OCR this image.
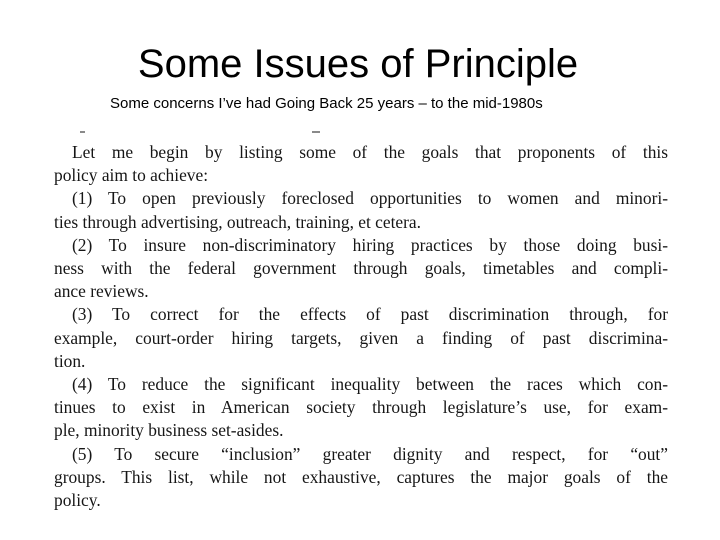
Some Issues of Principle
Some concerns I’ve had Going Back 25 years – to the mid-1980s
Let me begin by listing some of the goals that proponents of this
policy aim to achieve:
(1) To open previously foreclosed opportunities to women and minori-
ties through advertising, outreach, training, et cetera.
(2) To insure non-discriminatory hiring practices by those doing busi-
ness with the federal government through goals, timetables and compli-
ance reviews.
(3) To correct for the effects of past discrimination through, for
example, court-order hiring targets, given a finding of past discrimina-
tion.
(4) To reduce the significant inequality between the races which con-
tinues to exist in American society through legislature’s use, for exam-
ple, minority business set-asides.
(5) To secure “inclusion” greater dignity and respect, for “out”
groups. This list, while not exhaustive, captures the major goals of the
policy.
